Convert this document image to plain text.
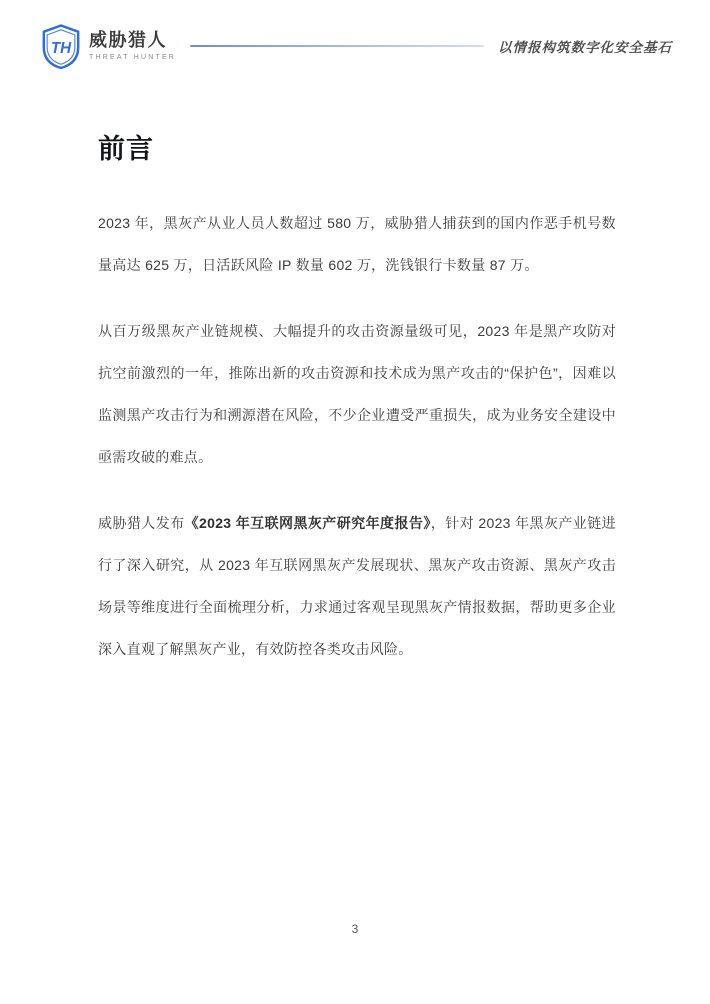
TH 威胁猎人
THREAT HUNTER
以情报构筑数字化安全基石
前言

2023 年，黑灰产从业人员人数超过 580 万，威胁猎人捕获到的国内作恶手机号数量高达 625 万，日活跃风险 IP 数量 602 万，洗钱银行卡数量 87 万。

从百万级黑灰产业链规模、大幅提升的攻击资源量级可见，2023 年是黑产攻防对抗空前激烈的一年，推陈出新的攻击资源和技术成为黑产攻击的“保护色”，因难以监测黑产攻击行为和溯源潜在风险，不少企业遭受严重损失，成为业务安全建设中亟需攻破的难点。

威胁猎人发布《2023 年互联网黑灰产研究年度报告》，针对 2023 年黑灰产业链进行了深入研究，从 2023 年互联网黑灰产发展现状、黑灰产攻击资源、黑灰产攻击场景等维度进行全面梳理分析，力求通过客观呈现黑灰产情报数据，帮助更多企业深入直观了解黑灰产业，有效防控各类攻击风险。

3
